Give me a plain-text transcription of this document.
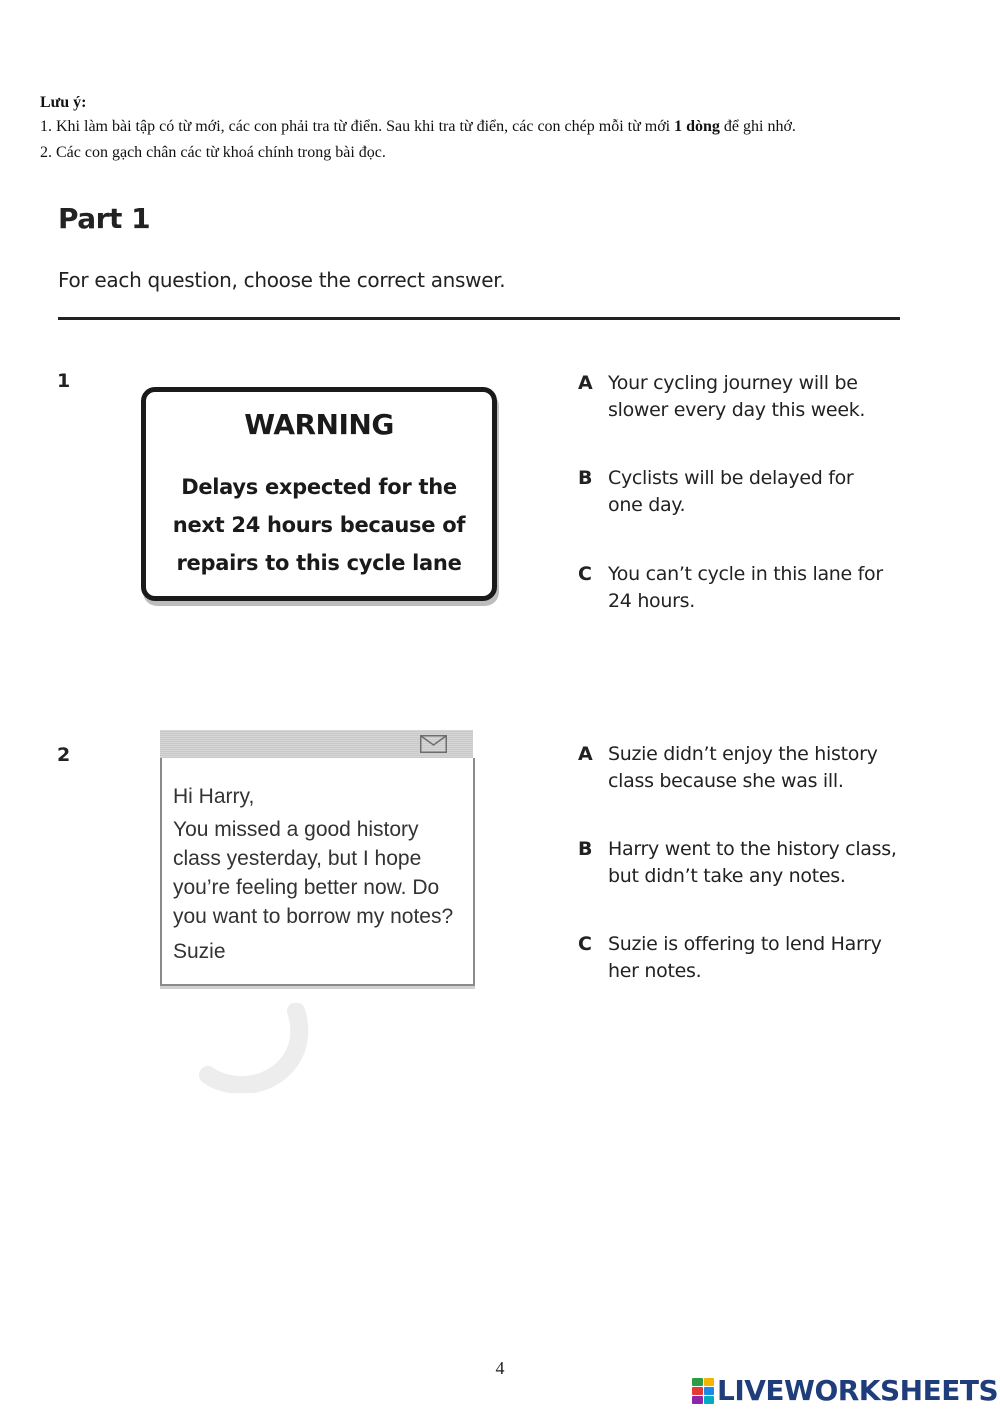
Lưu ý:
1. Khi làm bài tập có từ mới, các con phải tra từ điển. Sau khi tra từ điển, các con chép mỗi từ mới 1 dòng để ghi nhớ.
2. Các con gạch chân các từ khoá chính trong bài đọc.
Part 1
For each question, choose the correct answer.
1
WARNING
Delays expected for the
next 24 hours because of
repairs to this cycle lane
A Your cycling journey will be
slower every day this week.
B Cyclists will be delayed for
one day.
C You can’t cycle in this lane for
24 hours.
2
Hi Harry,
You missed a good history
class yesterday, but I hope
you’re feeling better now. Do
you want to borrow my notes?
Suzie
A Suzie didn’t enjoy the history
class because she was ill.
B Harry went to the history class,
but didn’t take any notes.
C Suzie is offering to lend Harry
her notes.
4
LIVEWORKSHEETS
